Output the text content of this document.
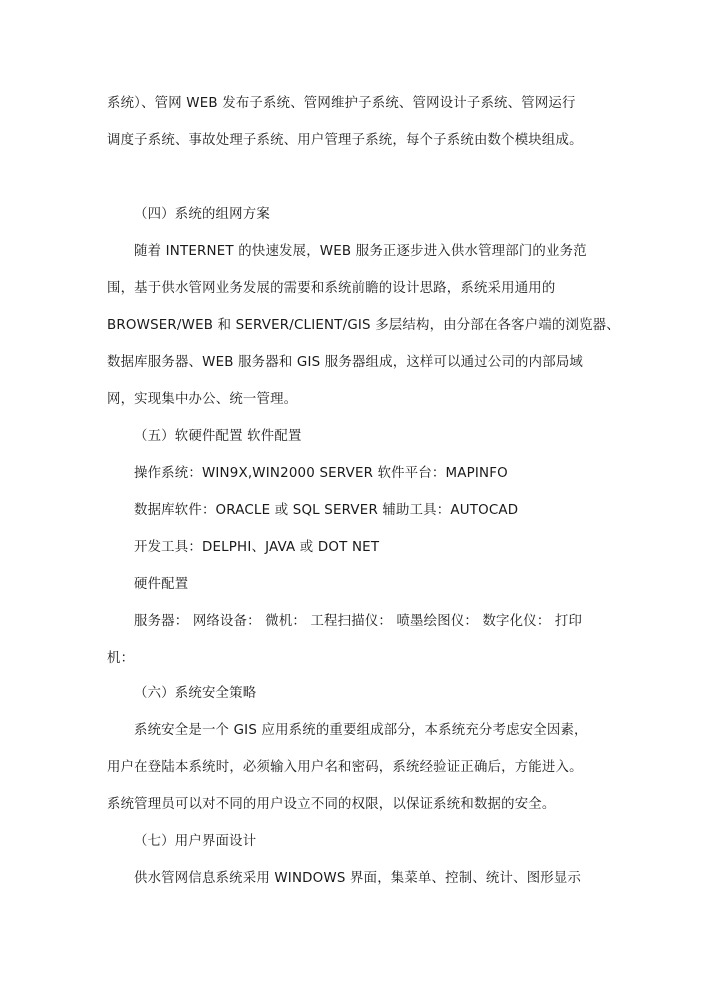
系统）、管网 WEB 发布子系统、管网维护子系统、管网设计子系统、管网运行
调度子系统、事故处理子系统、用户管理子系统，每个子系统由数个模块组成。
（四）系统的组网方案
随着 INTERNET 的快速发展，WEB 服务正逐步进入供水管理部门的业务范
围，基于供水管网业务发展的需要和系统前瞻的设计思路，系统采用通用的
BROWSER/WEB 和 SERVER/CLIENT/GIS 多层结构，由分部在各客户端的浏览器、
数据库服务器、WEB 服务器和 GIS 服务器组成，这样可以通过公司的内部局域
网，实现集中办公、统一管理。
（五）软硬件配置 软件配置
操作系统：WIN9X,WIN2000 SERVER 软件平台：MAPINFO
数据库软件：ORACLE 或 SQL SERVER 辅助工具：AUTOCAD
开发工具：DELPHI、JAVA 或 DOT NET
硬件配置
服务器： 网络设备： 微机： 工程扫描仪： 喷墨绘图仪： 数字化仪： 打印
机：
（六）系统安全策略
系统安全是一个 GIS 应用系统的重要组成部分，本系统充分考虑安全因素，
用户在登陆本系统时，必须输入用户名和密码，系统经验证正确后，方能进入。
系统管理员可以对不同的用户设立不同的权限，以保证系统和数据的安全。
（七）用户界面设计
供水管网信息系统采用 WINDOWS 界面，集菜单、控制、统计、图形显示
